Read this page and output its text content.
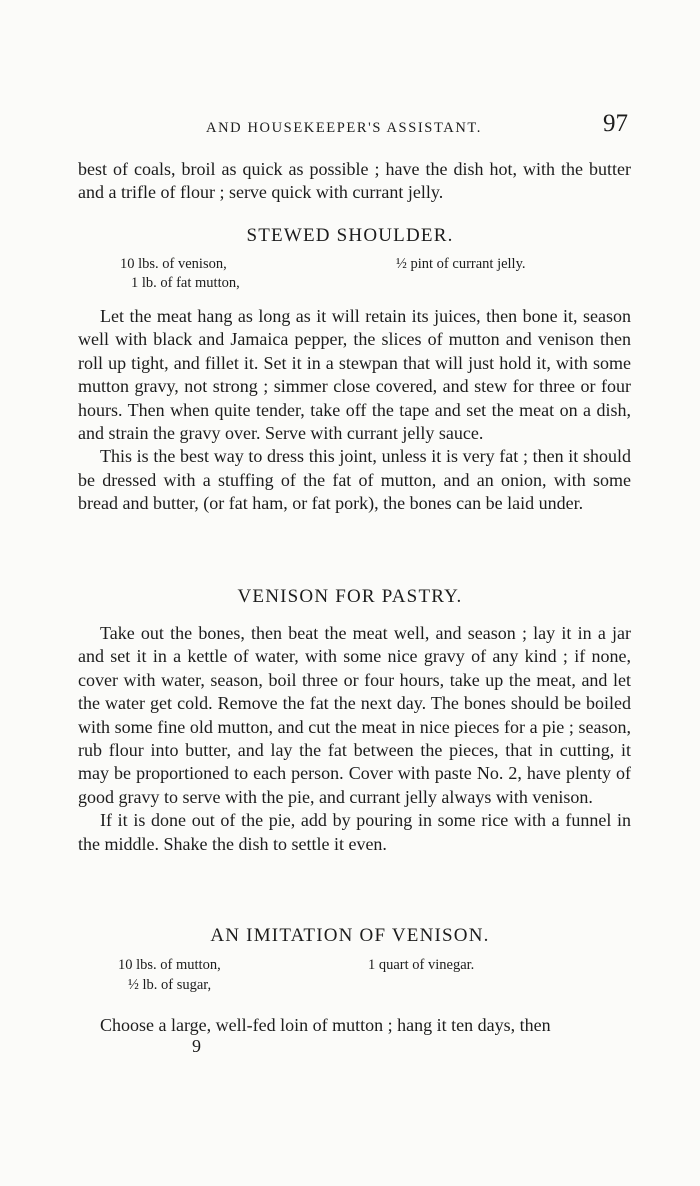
AND HOUSEKEEPER'S ASSISTANT.	97

best of coals, broil as quick as possible ; have the dish hot, with the butter and a trifle of flour ; serve quick with currant jelly.

STEWED SHOULDER.
10 lbs. of venison,
1 lb. of fat mutton,
½ pint of currant jelly.

Let the meat hang as long as it will retain its juices, then bone it, season well with black and Jamaica pepper, the slices of mutton and venison then roll up tight, and fillet it. Set it in a stewpan that will just hold it, with some mutton gravy, not strong ; simmer close covered, and stew for three or four hours. Then when quite tender, take off the tape and set the meat on a dish, and strain the gravy over. Serve with currant jelly sauce.

This is the best way to dress this joint, unless it is very fat ; then it should be dressed with a stuffing of the fat of mutton, and an onion, with some bread and butter, (or fat ham, or fat pork), the bones can be laid under.

VENISON FOR PASTRY.

Take out the bones, then beat the meat well, and season ; lay it in a jar and set it in a kettle of water, with some nice gravy of any kind ; if none, cover with water, season, boil three or four hours, take up the meat, and let the water get cold. Remove the fat the next day. The bones should be boiled with some fine old mutton, and cut the meat in nice pieces for a pie ; season, rub flour into butter, and lay the fat between the pieces, that in cutting, it may be proportioned to each person. Cover with paste No. 2, have plenty of good gravy to serve with the pie, and currant jelly always with venison.

If it is done out of the pie, add by pouring in some rice with a funnel in the middle. Shake the dish to settle it even.

AN IMITATION OF VENISON.
10 lbs. of mutton,
½ lb. of sugar,
1 quart of vinegar.

Choose a large, well-fed loin of mutton ; hang it ten days, then

9
